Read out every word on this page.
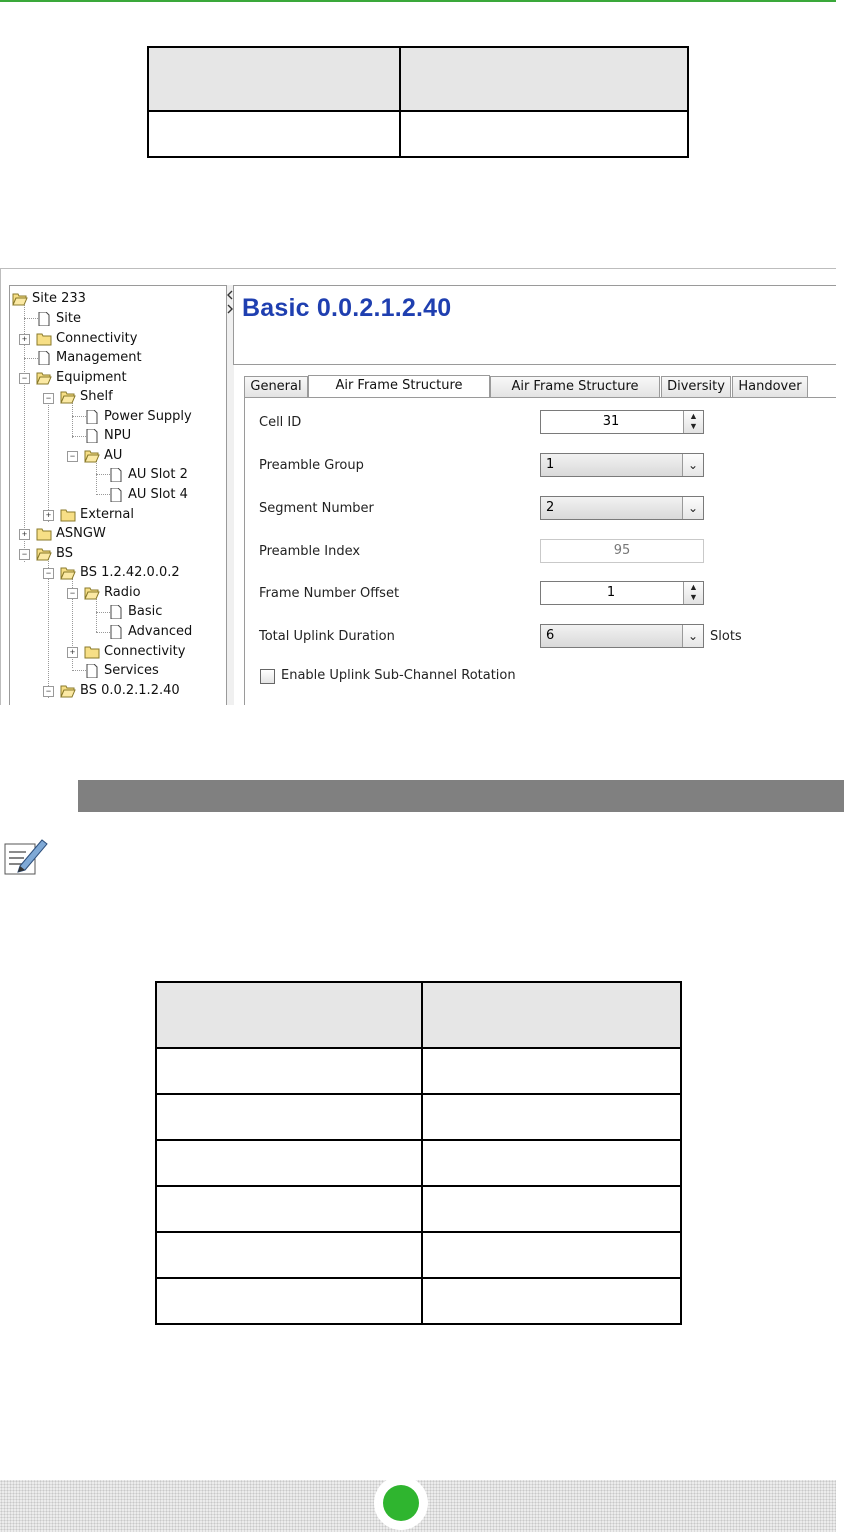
Site 233
Site
+ Connectivity
Management
− Equipment
− Shelf
Power Supply
NPU
− AU
AU Slot 2
AU Slot 4
+ External
+ ASNGW
− BS
− BS 1.2.42.0.0.2
− Radio
Basic
Advanced
+ Connectivity
Services
− BS 0.0.2.1.2.40
Basic 0.0.2.1.2.40
General	Air Frame Structure	Air Frame Structure	Diversity	Handover
Cell ID	31	▲
▼
Preamble Group	1	⌄
Segment Number	2	⌄
Preamble Index	95
Frame Number Offset	1	▲
▼
Total Uplink Duration	6	⌄ Slots
Enable Uplink Sub-Channel Rotation
